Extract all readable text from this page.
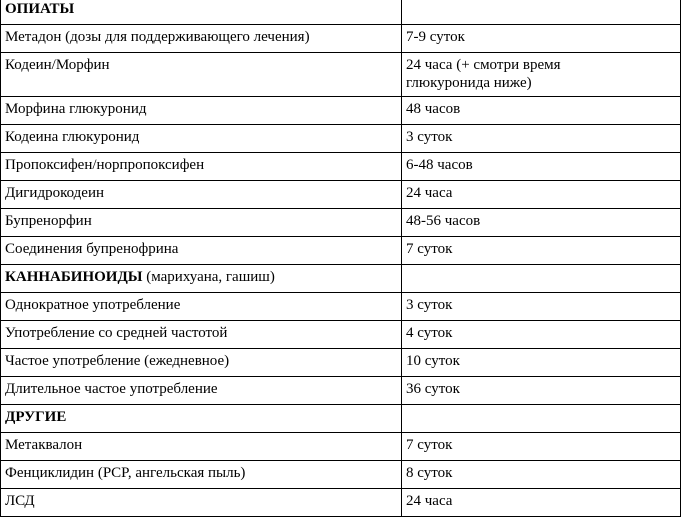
ОПИАТЫ	
Метадон (дозы для поддерживающего лечения)	7-9 суток
Кодеин/Морфин	24 часа (+ смотри время глюкуронида ниже)
Морфина глюкуронид	48 часов
Кодеина глюкуронид	3 суток
Пропоксифен/норпропоксифен	6-48 часов
Дигидрокодеин	24 часа
Бупренорфин	48-56 часов
Соединения бупренофрина	7 суток
КАННАБИНОИДЫ (марихуана, гашиш)	
Однократное употребление	3 суток
Употребление со средней частотой	4 суток
Частое употребление (ежедневное)	10 суток
Длительное частое употребление	36 суток
ДРУГИЕ	
Метаквалон	7 суток
Фенциклидин (PCP, ангельская пыль)	8 суток
ЛСД	24 часа
